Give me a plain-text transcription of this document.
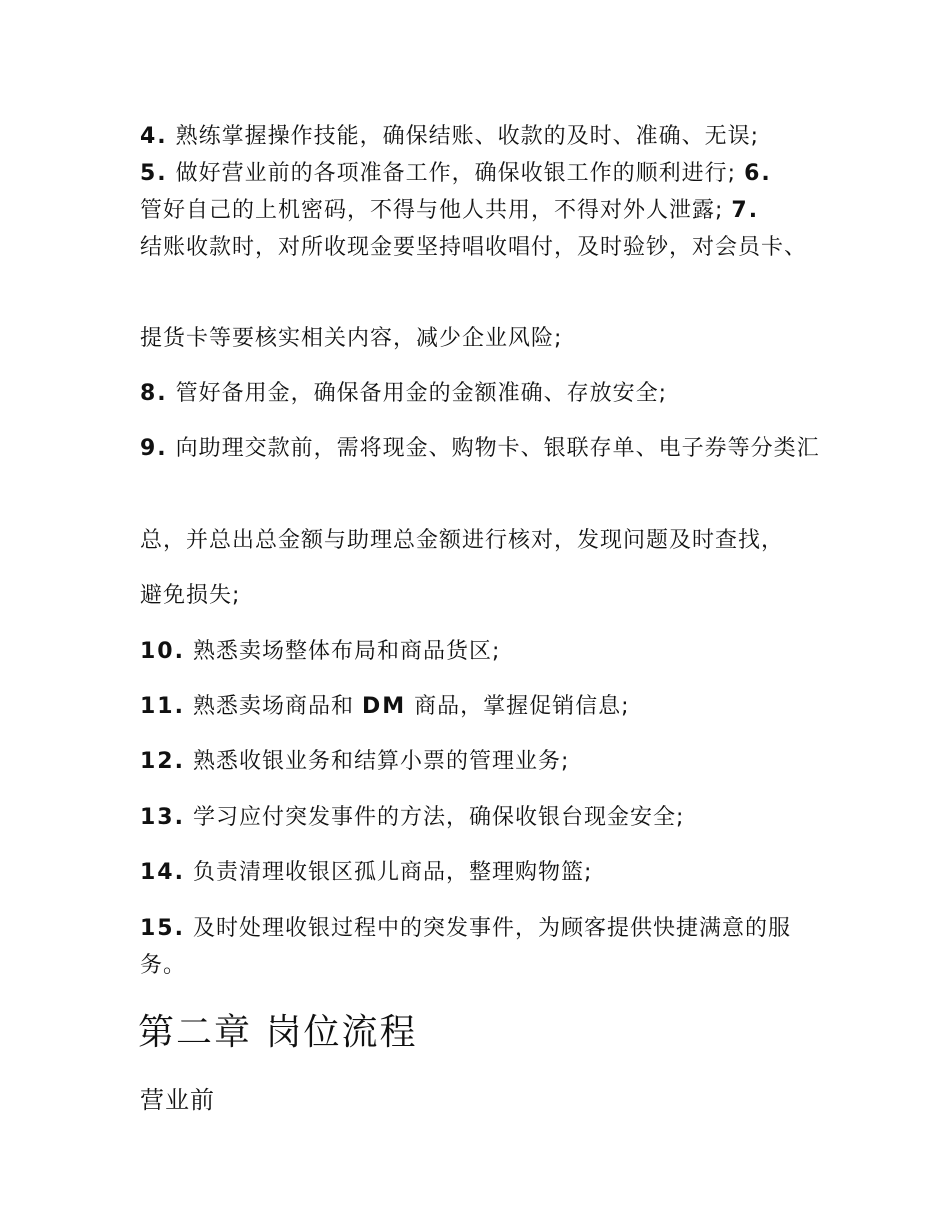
4. 熟练掌握操作技能，确保结账、收款的及时、准确、无误;
5. 做好营业前的各项准备工作，确保收银工作的顺利进行; 6.
管好自己的上机密码，不得与他人共用，不得对外人泄露; 7.
结账收款时，对所收现金要坚持唱收唱付，及时验钞，对会员卡、
提货卡等要核实相关内容，减少企业风险;
8. 管好备用金，确保备用金的金额准确、存放安全;
9. 向助理交款前，需将现金、购物卡、银联存单、电子券等分类汇
总，并总出总金额与助理总金额进行核对，发现问题及时查找，
避免损失;
10. 熟悉卖场整体布局和商品货区;
11. 熟悉卖场商品和 DM 商品，掌握促销信息;
12. 熟悉收银业务和结算小票的管理业务;
13. 学习应付突发事件的方法，确保收银台现金安全;
14. 负责清理收银区孤儿商品，整理购物篮;
15. 及时处理收银过程中的突发事件，为顾客提供快捷满意的服务。
第二章 岗位流程
营业前
